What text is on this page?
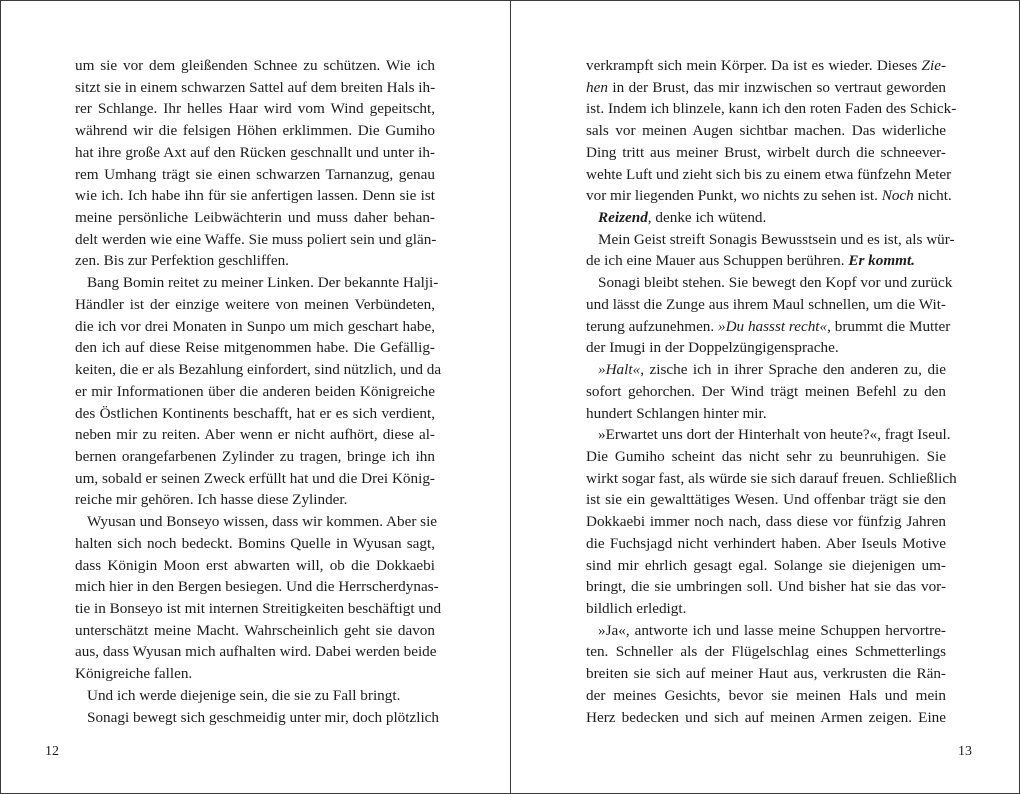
um sie vor dem gleißenden Schnee zu schützen. Wie ich
sitzt sie in einem schwarzen Sattel auf dem breiten Hals ih-
rer Schlange. Ihr helles Haar wird vom Wind gepeitscht,
während wir die felsigen Höhen erklimmen. Die Gumiho
hat ihre große Axt auf den Rücken geschnallt und unter ih-
rem Umhang trägt sie einen schwarzen Tarnanzug, genau
wie ich. Ich habe ihn für sie anfertigen lassen. Denn sie ist
meine persönliche Leibwächterin und muss daher behan-
delt werden wie eine Waffe. Sie muss poliert sein und glän-
zen. Bis zur Perfektion geschliffen.
Bang Bomin reitet zu meiner Linken. Der bekannte Halji-
Händler ist der einzige weitere von meinen Verbündeten,
die ich vor drei Monaten in Sunpo um mich geschart habe,
den ich auf diese Reise mitgenommen habe. Die Gefällig-
keiten, die er als Bezahlung einfordert, sind nützlich, und da
er mir Informationen über die anderen beiden Königreiche
des Östlichen Kontinents beschafft, hat er es sich verdient,
neben mir zu reiten. Aber wenn er nicht aufhört, diese al-
bernen orangefarbenen Zylinder zu tragen, bringe ich ihn
um, sobald er seinen Zweck erfüllt hat und die Drei König-
reiche mir gehören. Ich hasse diese Zylinder.
Wyusan und Bonseyo wissen, dass wir kommen. Aber sie
halten sich noch bedeckt. Bomins Quelle in Wyusan sagt,
dass Königin Moon erst abwarten will, ob die Dokkaebi
mich hier in den Bergen besiegen. Und die Herrscherdynas-
tie in Bonseyo ist mit internen Streitigkeiten beschäftigt und
unterschätzt meine Macht. Wahrscheinlich geht sie davon
aus, dass Wyusan mich aufhalten wird. Dabei werden beide
Königreiche fallen.
Und ich werde diejenige sein, die sie zu Fall bringt.
Sonagi bewegt sich geschmeidig unter mir, doch plötzlich
verkrampft sich mein Körper. Da ist es wieder. Dieses Zie-
hen in der Brust, das mir inzwischen so vertraut geworden
ist. Indem ich blinzele, kann ich den roten Faden des Schick-
sals vor meinen Augen sichtbar machen. Das widerliche
Ding tritt aus meiner Brust, wirbelt durch die schneever-
wehte Luft und zieht sich bis zu einem etwa fünfzehn Meter
vor mir liegenden Punkt, wo nichts zu sehen ist. Noch nicht.
Reizend, denke ich wütend.
Mein Geist streift Sonagis Bewusstsein und es ist, als wür-
de ich eine Mauer aus Schuppen berühren. Er kommt.
Sonagi bleibt stehen. Sie bewegt den Kopf vor und zurück
und lässt die Zunge aus ihrem Maul schnellen, um die Wit-
terung aufzunehmen. »Du hassst recht«, brummt die Mutter
der Imugi in der Doppelzüngigensprache.
»Halt«, zische ich in ihrer Sprache den anderen zu, die
sofort gehorchen. Der Wind trägt meinen Befehl zu den
hundert Schlangen hinter mir.
»Erwartet uns dort der Hinterhalt von heute?«, fragt Iseul.
Die Gumiho scheint das nicht sehr zu beunruhigen. Sie
wirkt sogar fast, als würde sie sich darauf freuen. Schließlich
ist sie ein gewalttätiges Wesen. Und offenbar trägt sie den
Dokkaebi immer noch nach, dass diese vor fünfzig Jahren
die Fuchsjagd nicht verhindert haben. Aber Iseuls Motive
sind mir ehrlich gesagt egal. Solange sie diejenigen um-
bringt, die sie umbringen soll. Und bisher hat sie das vor-
bildlich erledigt.
»Ja«, antworte ich und lasse meine Schuppen hervortre-
ten. Schneller als der Flügelschlag eines Schmetterlings
breiten sie sich auf meiner Haut aus, verkrusten die Rän-
der meines Gesichts, bevor sie meinen Hals und mein
Herz bedecken und sich auf meinen Armen zeigen. Eine
12	13
